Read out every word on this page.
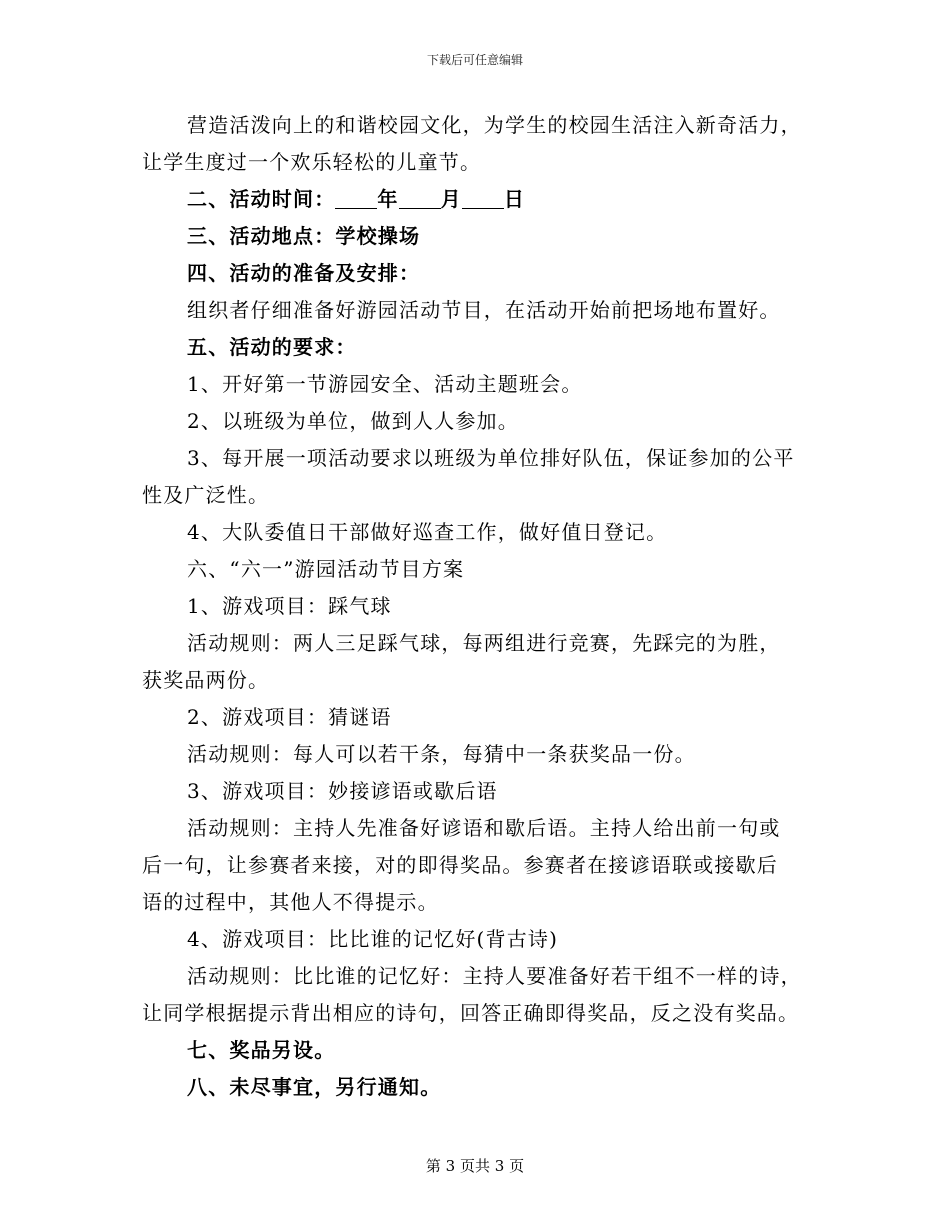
下载后可任意编辑

营造活泼向上的和谐校园文化，为学生的校园生活注入新奇活力，

让学生度过一个欢乐轻松的儿童节。

二、活动时间： 年 月 日

三、活动地点：学校操场

四、活动的准备及安排：

组织者仔细准备好游园活动节目，在活动开始前把场地布置好。

五、活动的要求：

1、开好第一节游园安全、活动主题班会。

2、以班级为单位，做到人人参加。

3、每开展一项活动要求以班级为单位排好队伍，保证参加的公平

性及广泛性。

4、大队委值日干部做好巡查工作，做好值日登记。

六、“六一”游园活动节目方案

1、游戏项目：踩气球

活动规则：两人三足踩气球，每两组进行竞赛，先踩完的为胜，

获奖品两份。

2、游戏项目：猜谜语

活动规则：每人可以若干条，每猜中一条获奖品一份。

3、游戏项目：妙接谚语或歇后语

活动规则：主持人先准备好谚语和歇后语。主持人给出前一句或

后一句，让参赛者来接，对的即得奖品。参赛者在接谚语联或接歇后

语的过程中，其他人不得提示。

4、游戏项目：比比谁的记忆好(背古诗)

活动规则：比比谁的记忆好：主持人要准备好若干组不一样的诗，

让同学根据提示背出相应的诗句，回答正确即得奖品，反之没有奖品。

七、奖品另设。

八、未尽事宜，另行通知。

第 3 页共 3 页
